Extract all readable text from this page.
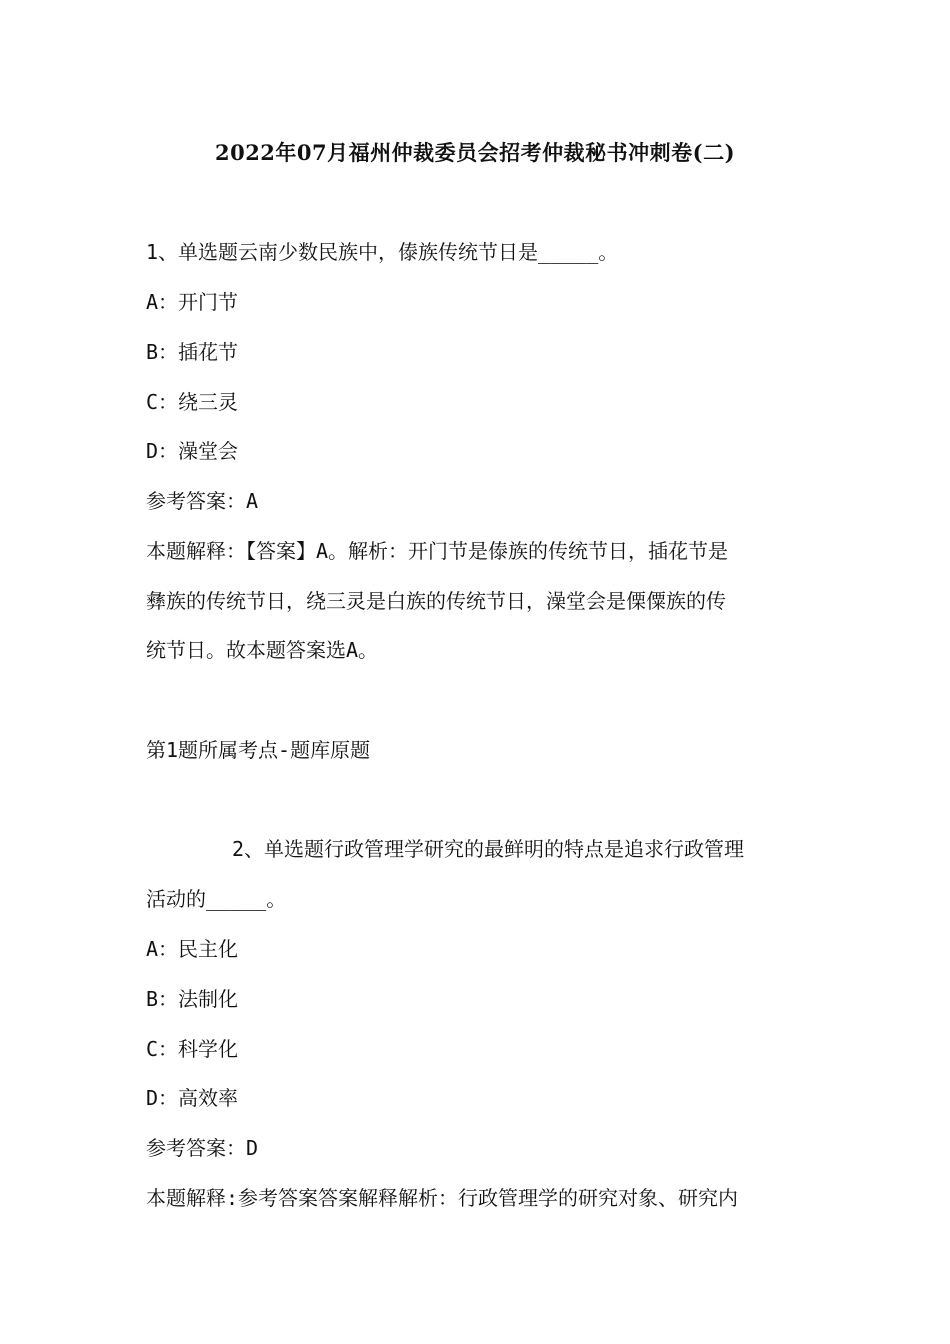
2022年07月福州仲裁委员会招考仲裁秘书冲刺卷(二)
1、单选题云南少数民族中，傣族传统节日是_____。
A：开门节
B：插花节
C：绕三灵
D：澡堂会
参考答案：A
本题解释：【答案】A。解析：开门节是傣族的传统节日，插花节是
彝族的传统节日，绕三灵是白族的传统节日，澡堂会是傈僳族的传
统节日。故本题答案选A。
第1题所属考点-题库原题
2、单选题行政管理学研究的最鲜明的特点是追求行政管理
活动的_____。
A：民主化
B：法制化
C：科学化
D：高效率
参考答案：D
本题解释:参考答案答案解释解析：行政管理学的研究对象、研究内
